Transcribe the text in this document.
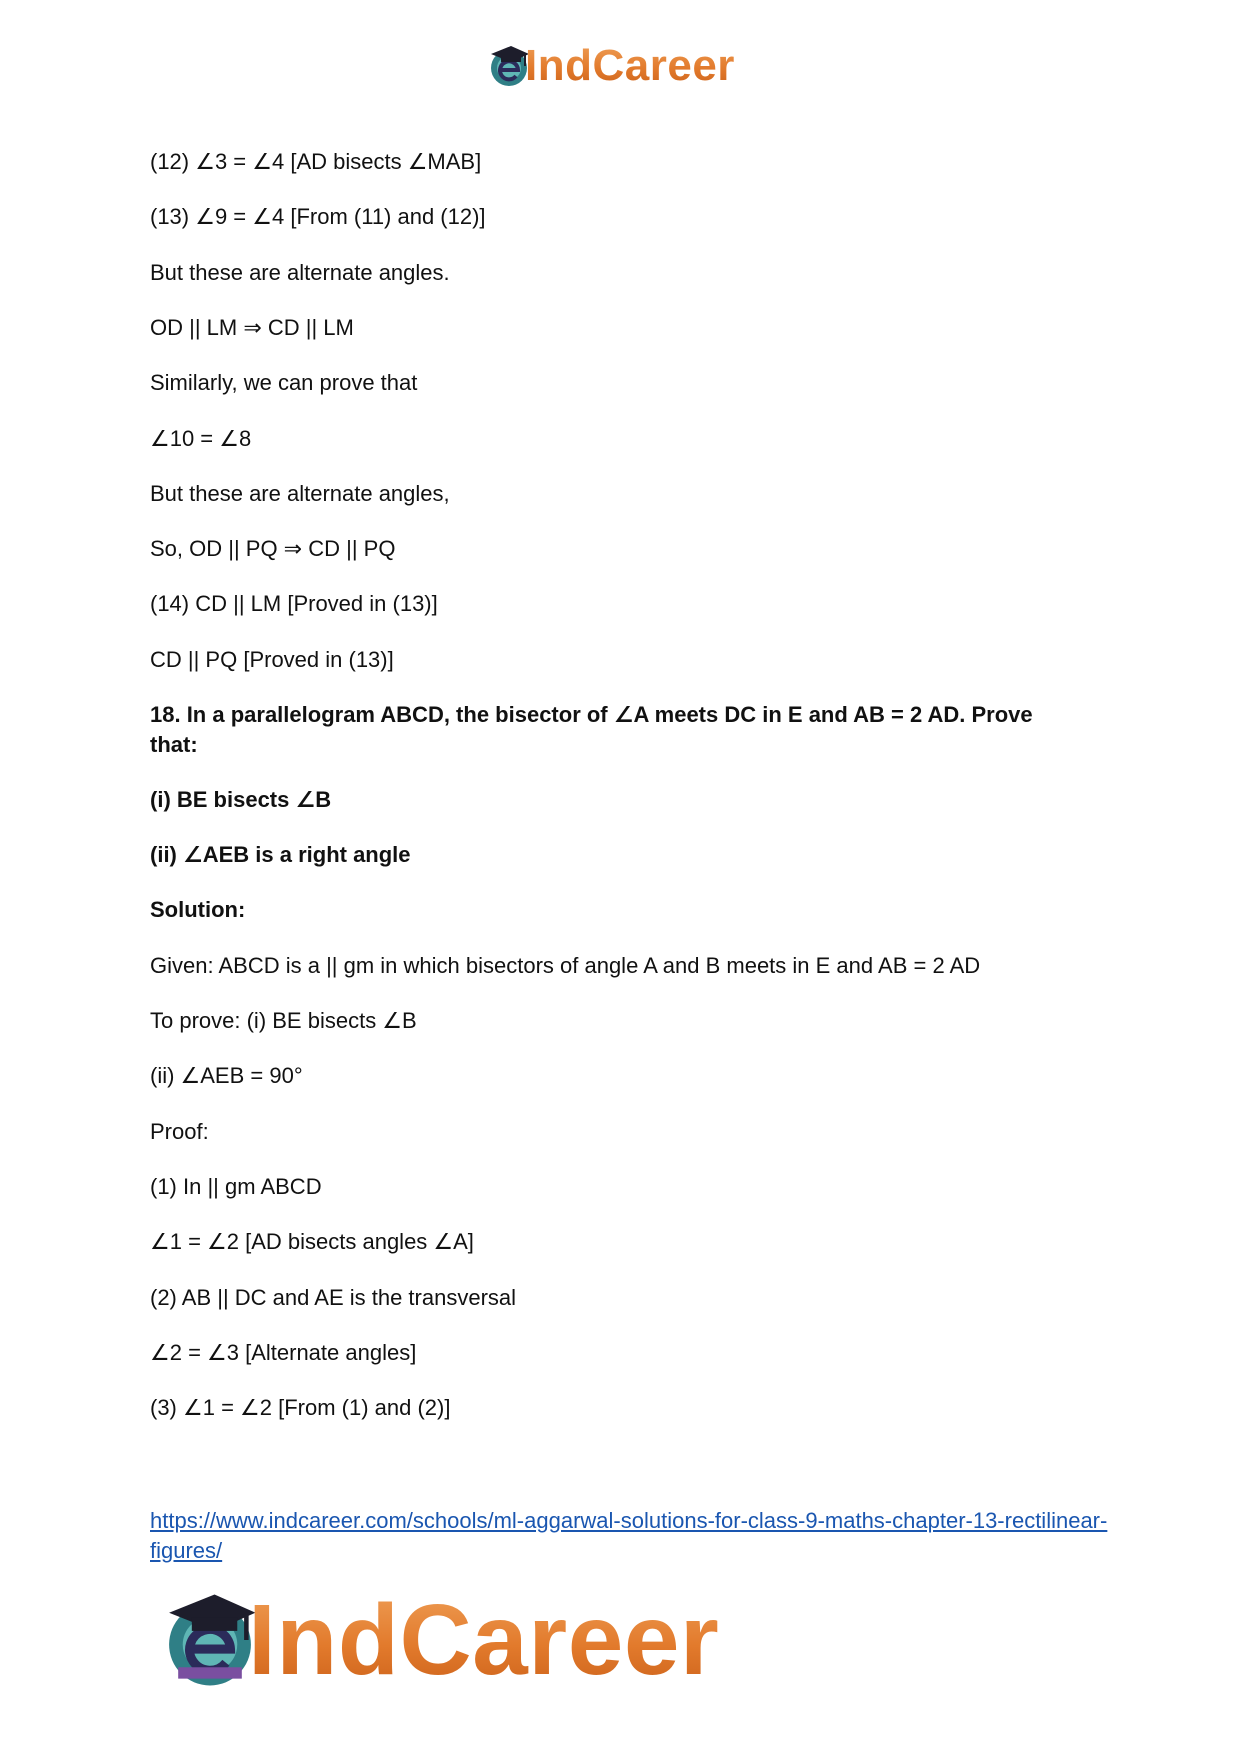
IndCareer
(12) ∠3 = ∠4 [AD bisects ∠MAB]
(13) ∠9 = ∠4 [From (11) and (12)]
But these are alternate angles.
OD || LM ⇒ CD || LM
Similarly, we can prove that
∠10 = ∠8
But these are alternate angles,
So, OD || PQ ⇒ CD || PQ
(14) CD || LM [Proved in (13)]
CD || PQ [Proved in (13)]
18. In a parallelogram ABCD, the bisector of ∠A meets DC in E and AB = 2 AD. Prove that:
(i) BE bisects ∠B
(ii) ∠AEB is a right angle
Solution:
Given: ABCD is a || gm in which bisectors of angle A and B meets in E and AB = 2 AD
To prove: (i) BE bisects ∠B
(ii) ∠AEB = 90°
Proof:
(1) In || gm ABCD
∠1 = ∠2 [AD bisects angles ∠A]
(2) AB || DC and AE is the transversal
∠2 = ∠3 [Alternate angles]
(3) ∠1 = ∠2 [From (1) and (2)]
https://www.indcareer.com/schools/ml-aggarwal-solutions-for-class-9-maths-chapter-13-rectilinear-figures/
IndCareer
